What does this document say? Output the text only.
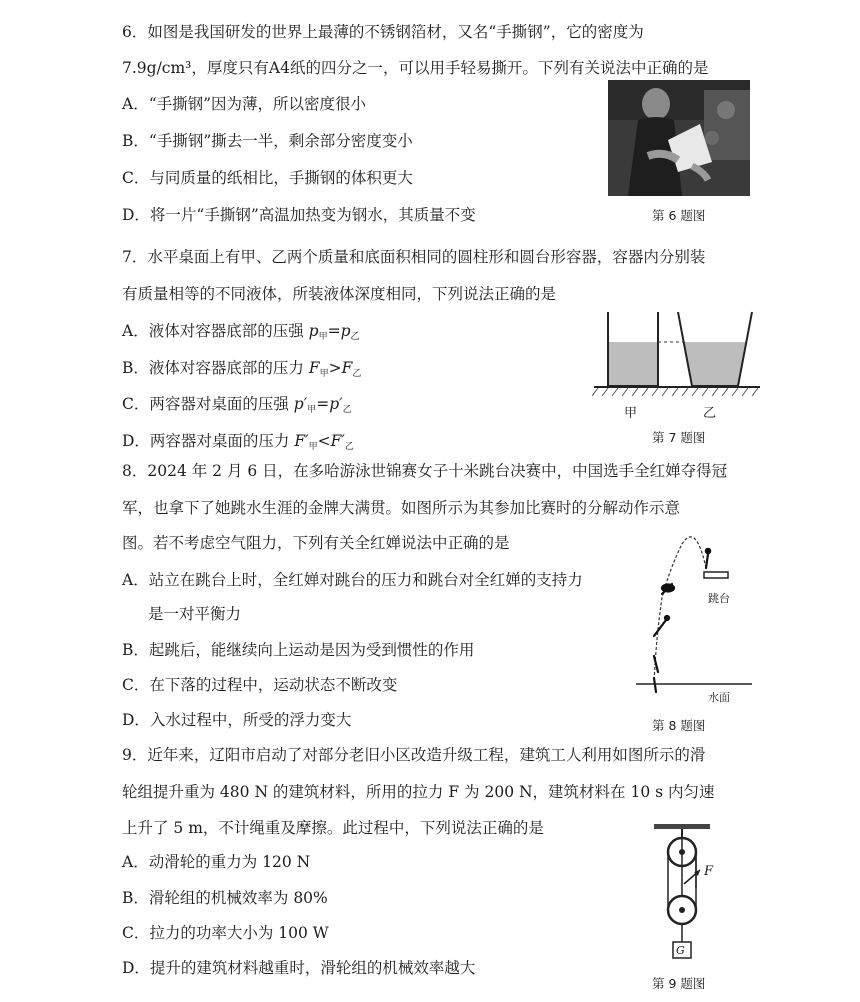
6．如图是我国研发的世界上最薄的不锈钢箔材，又名“手撕钢”，它的密度为
7.9g/cm³，厚度只有A4纸的四分之一，可以用手轻易撕开。下列有关说法中正确的是
A．“手撕钢”因为薄，所以密度很小
B．“手撕钢”撕去一半，剩余部分密度变小
C．与同质量的纸相比，手撕钢的体积更大
D．将一片“手撕钢”高温加热变为钢水，其质量不变	第 6 题图
7．水平桌面上有甲、乙两个质量和底面积相同的圆柱形和圆台形容器，容器内分别装
有质量相等的不同液体，所装液体深度相同，下列说法正确的是
A．液体对容器底部的压强 $p_甲=p_乙$
B．液体对容器底部的压力 $F_甲>F_乙$
C．两容器对桌面的压强 $p'_甲=p'_乙$
D．两容器对桌面的压力 $F'_甲<F'_乙$
甲	乙
第 7 题图
8．2024 年 2 月 6 日，在多哈游泳世锦赛女子十米跳台决赛中，中国选手全红婵夺得冠
军，也拿下了她跳水生涯的金牌大满贯。如图所示为其参加比赛时的分解动作示意
图。若不考虑空气阻力，下列有关全红婵说法中正确的是
A．站立在跳台上时，全红婵对跳台的压力和跳台对全红婵的支持力
是一对平衡力
B．起跳后，能继续向上运动是因为受到惯性的作用
C．在下落的过程中，运动状态不断改变
D．入水过程中，所受的浮力变大
跳台
水面
第 8 题图
9．近年来，辽阳市启动了对部分老旧小区改造升级工程，建筑工人利用如图所示的滑
轮组提升重为 480 N 的建筑材料，所用的拉力 F 为 200 N，建筑材料在 10 s 内匀速
上升了 5 m，不计绳重及摩擦。此过程中，下列说法正确的是
A．动滑轮的重力为 120 N
B．滑轮组的机械效率为 80%
C．拉力的功率大小为 100 W
D．提升的建筑材料越重时，滑轮组的机械效率越大
F
G
第 9 题图
